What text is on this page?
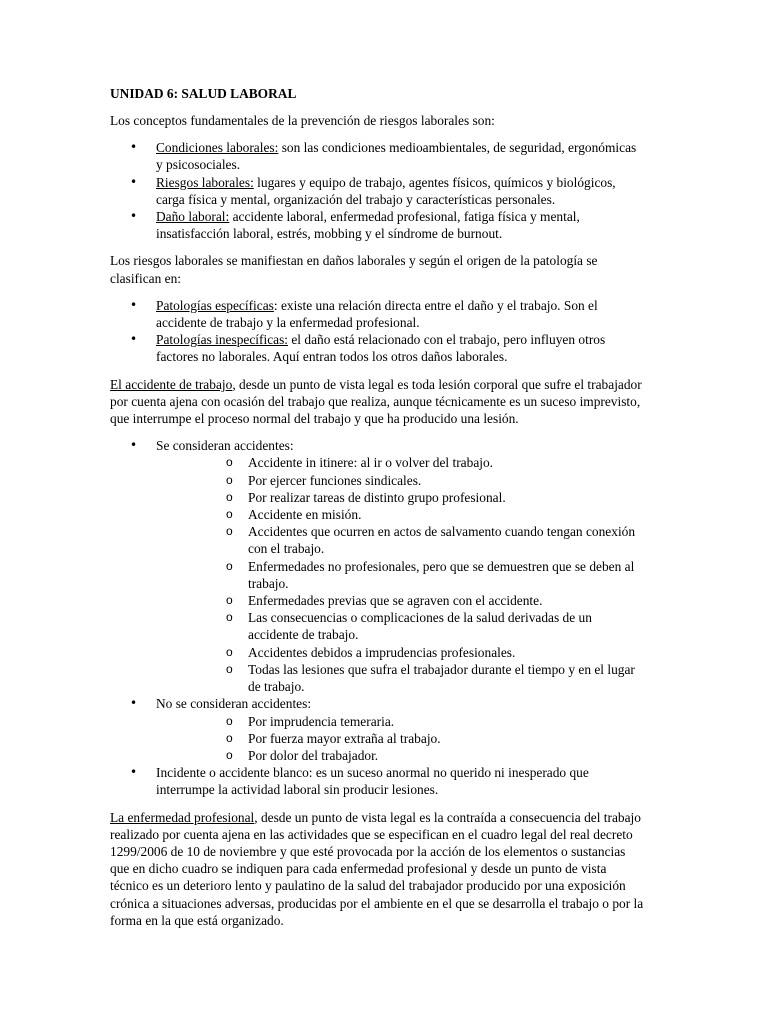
UNIDAD 6: SALUD LABORAL

Los conceptos fundamentales de la prevención de riesgos laborales son:

• Condiciones laborales: son las condiciones medioambientales, de seguridad, ergonómicas y psicosociales.
• Riesgos laborales: lugares y equipo de trabajo, agentes físicos, químicos y biológicos, carga física y mental, organización del trabajo y características personales.
• Daño laboral: accidente laboral, enfermedad profesional, fatiga física y mental, insatisfacción laboral, estrés, mobbing y el síndrome de burnout.

Los riesgos laborales se manifiestan en daños laborales y según el origen de la patología se clasifican en:

• Patologías específicas: existe una relación directa entre el daño y el trabajo. Son el accidente de trabajo y la enfermedad profesional.
• Patologías inespecíficas: el daño está relacionado con el trabajo, pero influyen otros factores no laborales. Aquí entran todos los otros daños laborales.

El accidente de trabajo, desde un punto de vista legal es toda lesión corporal que sufre el trabajador por cuenta ajena con ocasión del trabajo que realiza, aunque técnicamente es un suceso imprevisto, que interrumpe el proceso normal del trabajo y que ha producido una lesión.

• Se consideran accidentes:
o Accidente in itinere: al ir o volver del trabajo.
o Por ejercer funciones sindicales.
o Por realizar tareas de distinto grupo profesional.
o Accidente en misión.
o Accidentes que ocurren en actos de salvamento cuando tengan conexión con el trabajo.
o Enfermedades no profesionales, pero que se demuestren que se deben al trabajo.
o Enfermedades previas que se agraven con el accidente.
o Las consecuencias o complicaciones de la salud derivadas de un accidente de trabajo.
o Accidentes debidos a imprudencias profesionales.
o Todas las lesiones que sufra el trabajador durante el tiempo y en el lugar de trabajo.
• No se consideran accidentes:
o Por imprudencia temeraria.
o Por fuerza mayor extraña al trabajo.
o Por dolor del trabajador.
• Incidente o accidente blanco: es un suceso anormal no querido ni inesperado que interrumpe la actividad laboral sin producir lesiones.

La enfermedad profesional, desde un punto de vista legal es la contraída a consecuencia del trabajo realizado por cuenta ajena en las actividades que se especifican en el cuadro legal del real decreto 1299/2006 de 10 de noviembre y que esté provocada por la acción de los elementos o sustancias que en dicho cuadro se indiquen para cada enfermedad profesional y desde un punto de vista técnico es un deterioro lento y paulatino de la salud del trabajador producido por una exposición crónica a situaciones adversas, producidas por el ambiente en el que se desarrolla el trabajo o por la forma en la que está organizado.
